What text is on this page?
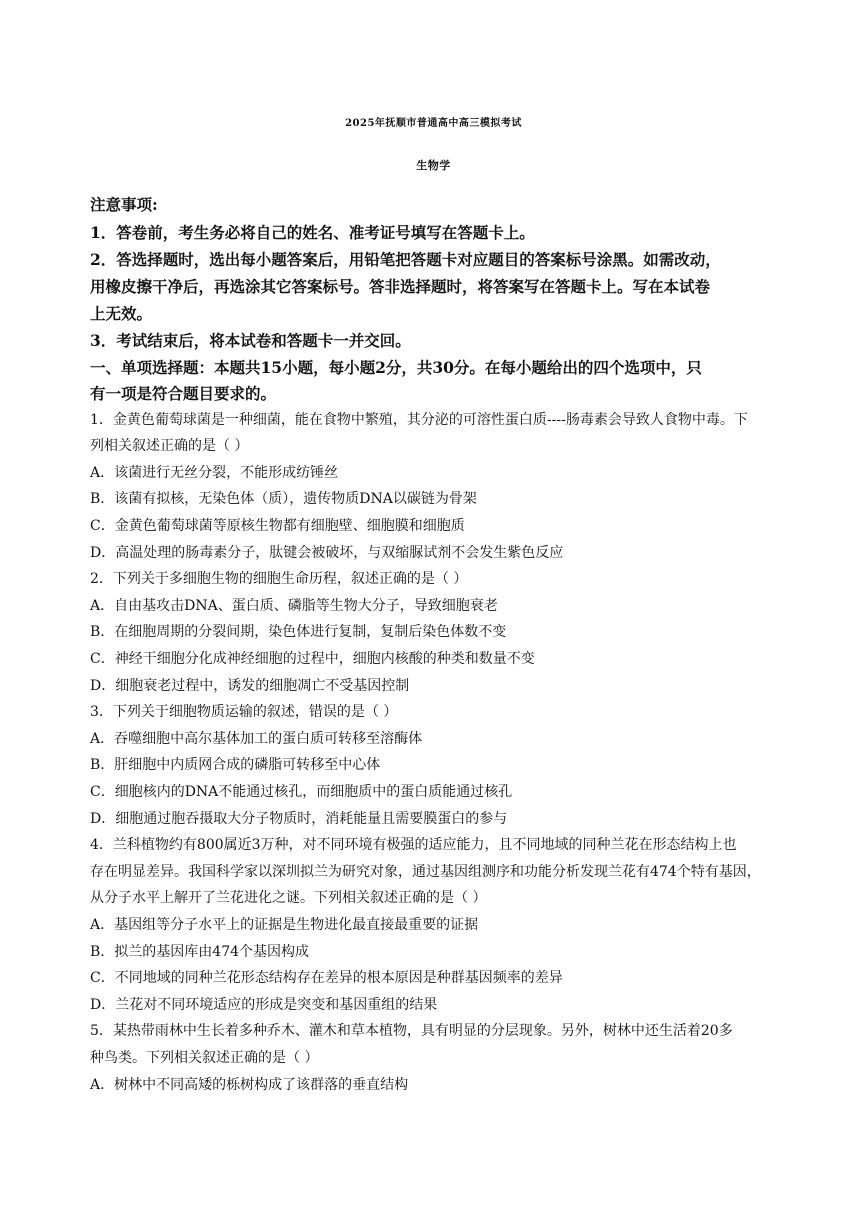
2025年抚顺市普通高中高三模拟考试
生物学
注意事项:
1．答卷前，考生务必将自己的姓名、准考证号填写在答题卡上。
2．答选择题时，选出每小题答案后，用铅笔把答题卡对应题目的答案标号涂黑。如需改动，
用橡皮擦干净后，再选涂其它答案标号。答非选择题时，将答案写在答题卡上。写在本试卷
上无效。
3．考试结束后，将本试卷和答题卡一并交回。
一、单项选择题：本题共15小题，每小题2分，共30分。在每小题给出的四个选项中，只
有一项是符合题目要求的。
1．金黄色葡萄球菌是一种细菌，能在食物中繁殖，其分泌的可溶性蛋白质----肠毒素会导致人食物中毒。下
列相关叙述正确的是（ ）
A．该菌进行无丝分裂，不能形成纺锤丝
B．该菌有拟核，无染色体（质），遗传物质DNA以碳链为骨架
C．金黄色葡萄球菌等原核生物都有细胞壁、细胞膜和细胞质
D．高温处理的肠毒素分子，肽键会被破坏，与双缩脲试剂不会发生紫色反应
2．下列关于多细胞生物的细胞生命历程，叙述正确的是（ ）
A．自由基攻击DNA、蛋白质、磷脂等生物大分子，导致细胞衰老
B．在细胞周期的分裂间期，染色体进行复制，复制后染色体数不变
C．神经干细胞分化成神经细胞的过程中，细胞内核酸的种类和数量不变
D．细胞衰老过程中，诱发的细胞凋亡不受基因控制
3．下列关于细胞物质运输的叙述，错误的是（ ）
A．吞噬细胞中高尔基体加工的蛋白质可转移至溶酶体
B．肝细胞中内质网合成的磷脂可转移至中心体
C．细胞核内的DNA不能通过核孔，而细胞质中的蛋白质能通过核孔
D．细胞通过胞吞摄取大分子物质时，消耗能量且需要膜蛋白的参与
4．兰科植物约有800属近3万种，对不同环境有极强的适应能力，且不同地域的同种兰花在形态结构上也
存在明显差异。我国科学家以深圳拟兰为研究对象，通过基因组测序和功能分析发现兰花有474个特有基因，
从分子水平上解开了兰花进化之谜。下列相关叙述正确的是（ ）
A．基因组等分子水平上的证据是生物进化最直接最重要的证据
B．拟兰的基因库由474个基因构成
C．不同地域的同种兰花形态结构存在差异的根本原因是种群基因频率的差异
D．兰花对不同环境适应的形成是突变和基因重组的结果
5．某热带雨林中生长着多种乔木、灌木和草本植物，具有明显的分层现象。另外，树林中还生活着20多
种鸟类。下列相关叙述正确的是（ ）
A．树林中不同高矮的栎树构成了该群落的垂直结构
